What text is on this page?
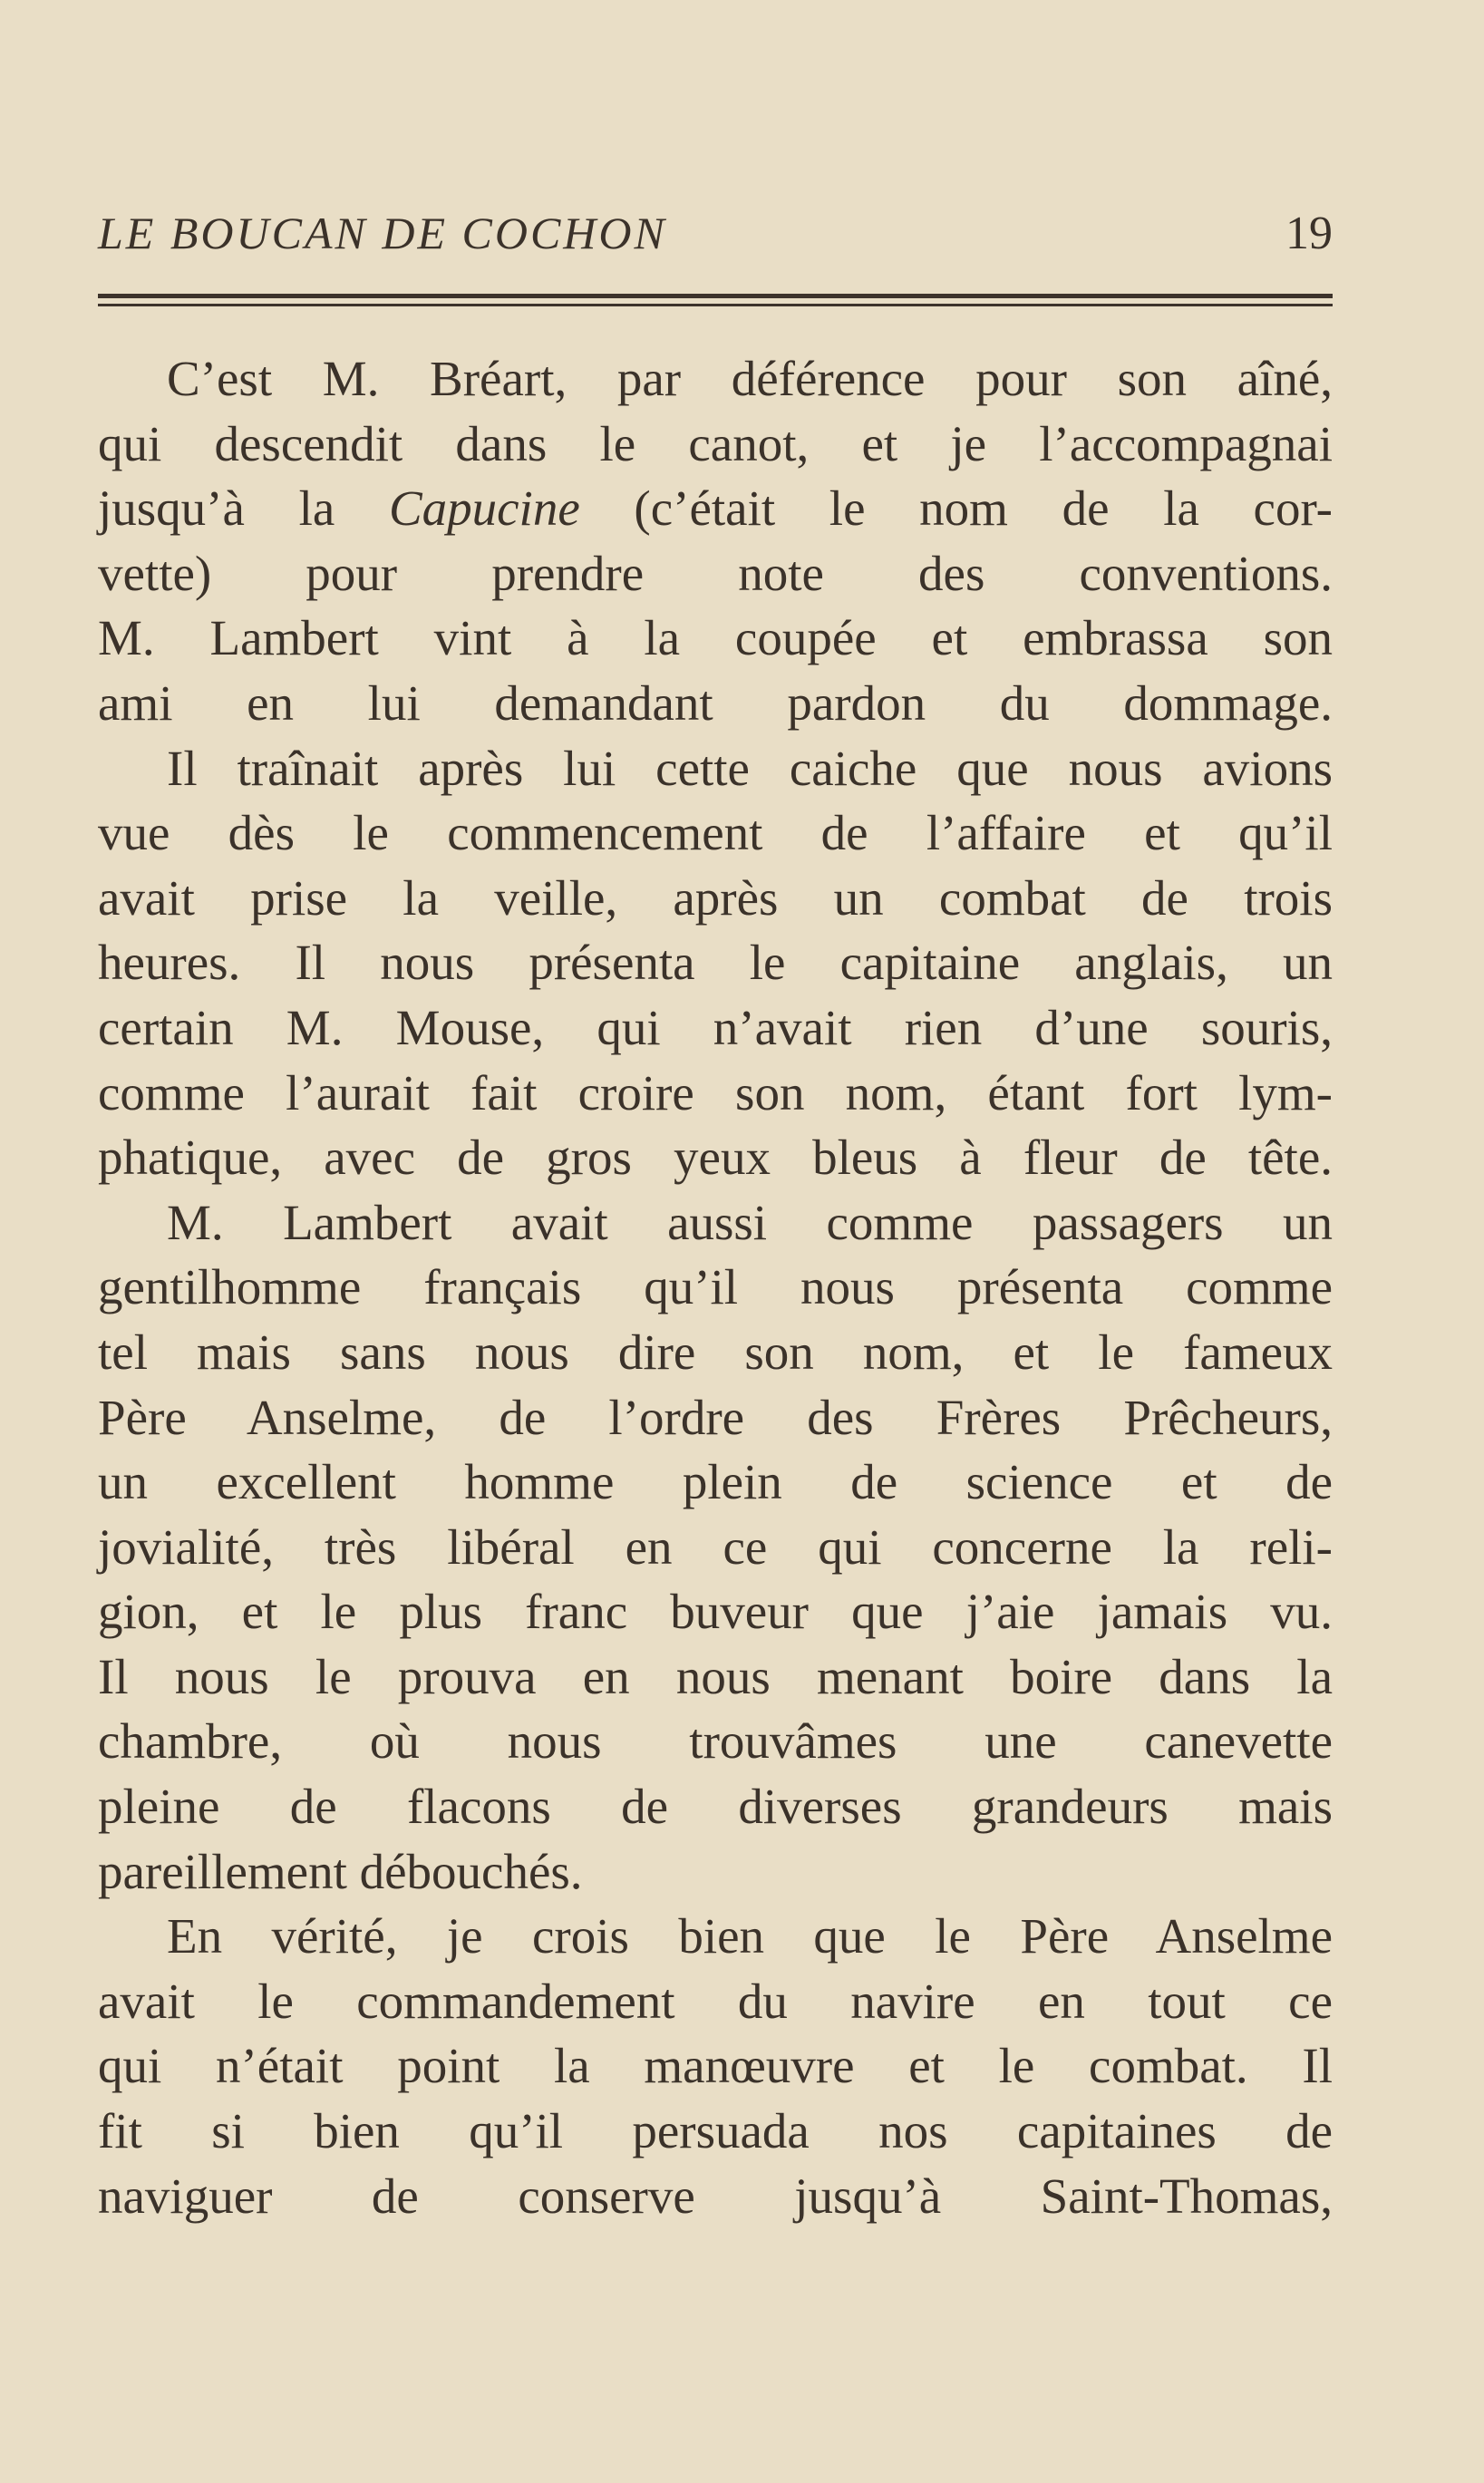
LE BOUCAN DE COCHON	19
C’est M. Bréart, par déférence pour son aîné,
qui descendit dans le canot, et je l’accompagnai
jusqu’à la Capucine (c’était le nom de la cor-
vette) pour prendre note des conventions.
M. Lambert vint à la coupée et embrassa son
ami en lui demandant pardon du dommage.
Il traînait après lui cette caiche que nous avions
vue dès le commencement de l’affaire et qu’il
avait prise la veille, après un combat de trois
heures. Il nous présenta le capitaine anglais, un
certain M. Mouse, qui n’avait rien d’une souris,
comme l’aurait fait croire son nom, étant fort lym-
phatique, avec de gros yeux bleus à fleur de tête.
M. Lambert avait aussi comme passagers un
gentilhomme français qu’il nous présenta comme
tel mais sans nous dire son nom, et le fameux
Père Anselme, de l’ordre des Frères Prêcheurs,
un excellent homme plein de science et de
jovialité, très libéral en ce qui concerne la reli-
gion, et le plus franc buveur que j’aie jamais vu.
Il nous le prouva en nous menant boire dans la
chambre, où nous trouvâmes une canevette
pleine de flacons de diverses grandeurs mais
pareillement débouchés.
En vérité, je crois bien que le Père Anselme
avait le commandement du navire en tout ce
qui n’était point la manœuvre et le combat. Il
fit si bien qu’il persuada nos capitaines de
naviguer de conserve jusqu’à Saint-Thomas,
